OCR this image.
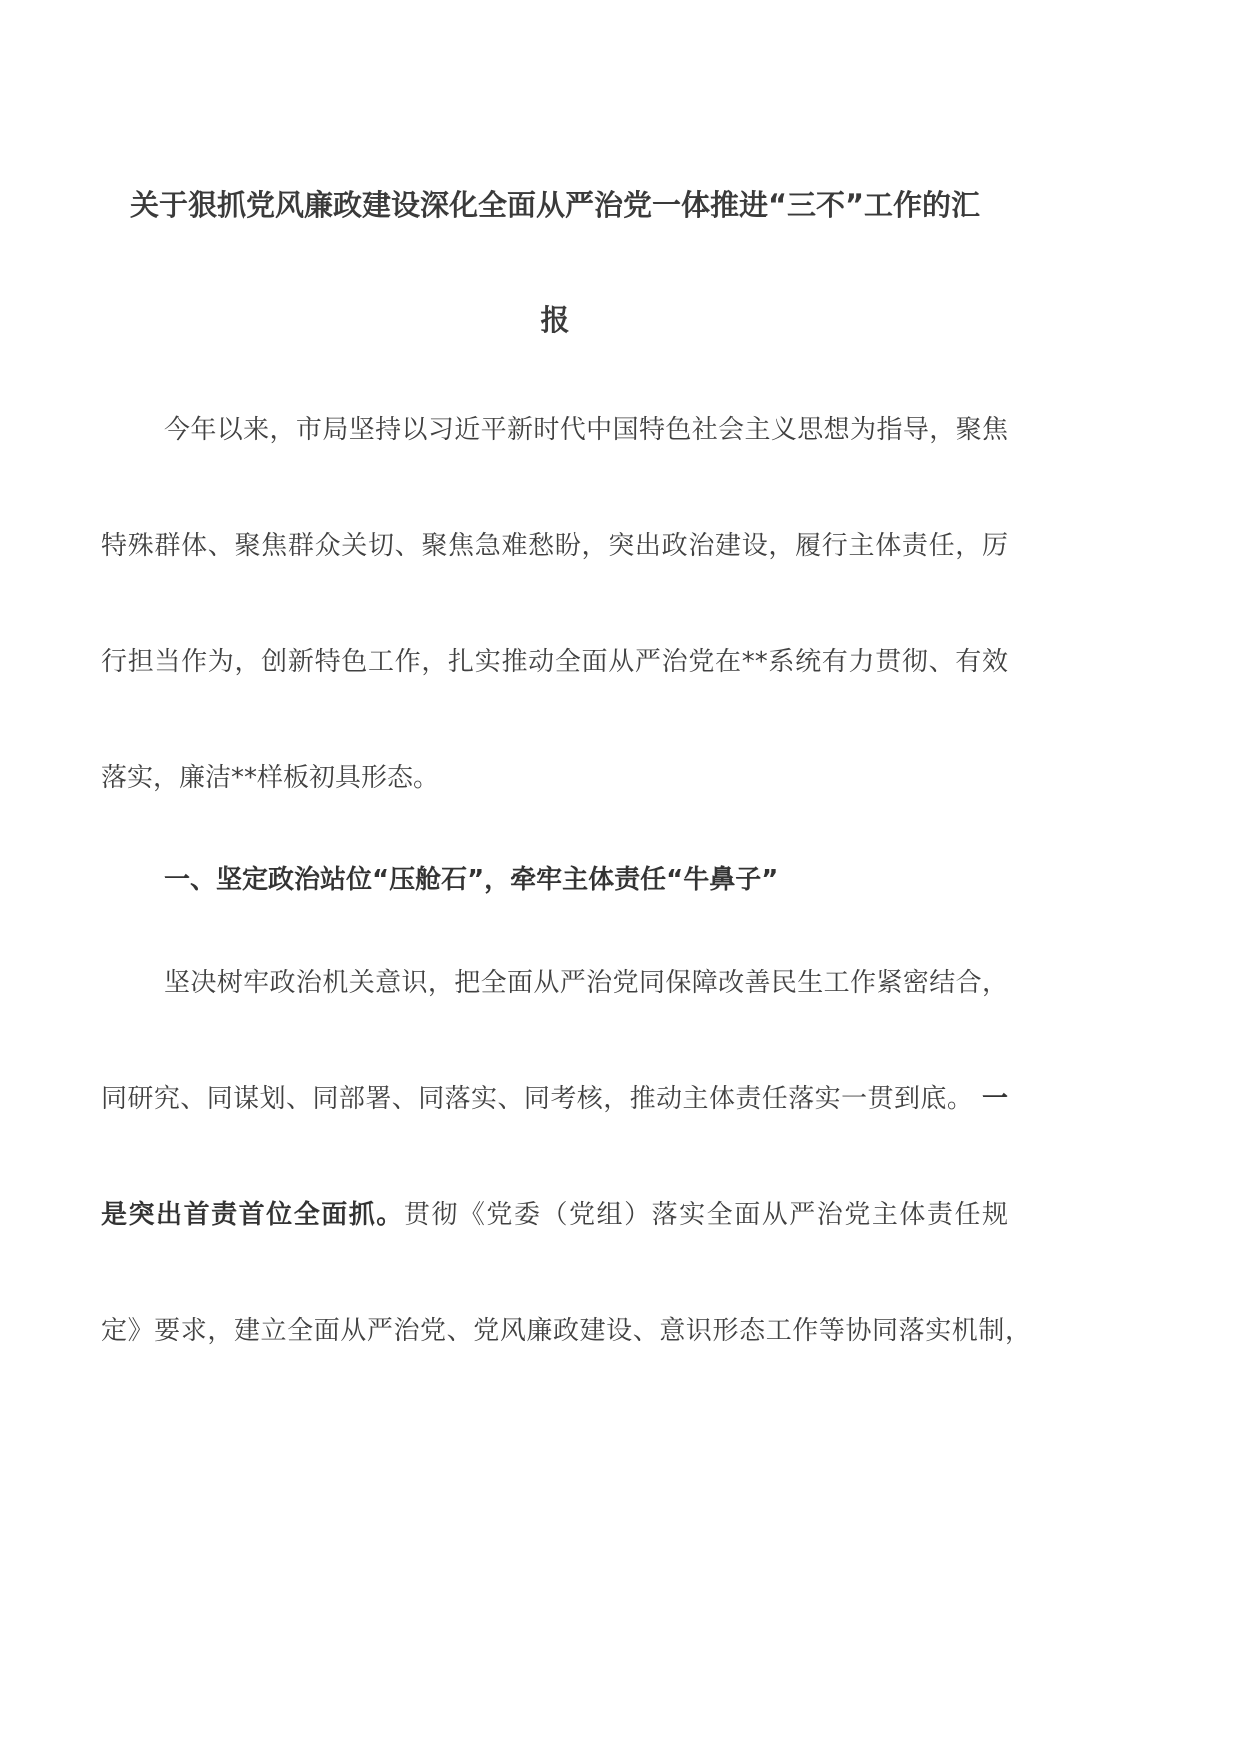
关于狠抓党风廉政建设深化全面从严治党一体推进“三不”工作的汇
报
今年以来，市局坚持以习近平新时代中国特色社会主义思想为指导，聚焦
特殊群体、聚焦群众关切、聚焦急难愁盼，突出政治建设，履行主体责任，厉
行担当作为，创新特色工作，扎实推动全面从严治党在**系统有力贯彻、有效
落实，廉洁**样板初具形态。
一、坚定政治站位“压舱石”，牵牢主体责任“牛鼻子”
坚决树牢政治机关意识，把全面从严治党同保障改善民生工作紧密结合，
同研究、同谋划、同部署、同落实、同考核，推动主体责任落实一贯到底。 一
是突出首责首位全面抓。贯彻《党委（党组）落实全面从严治党主体责任规
定》要求，建立全面从严治党、党风廉政建设、意识形态工作等协同落实机制，
